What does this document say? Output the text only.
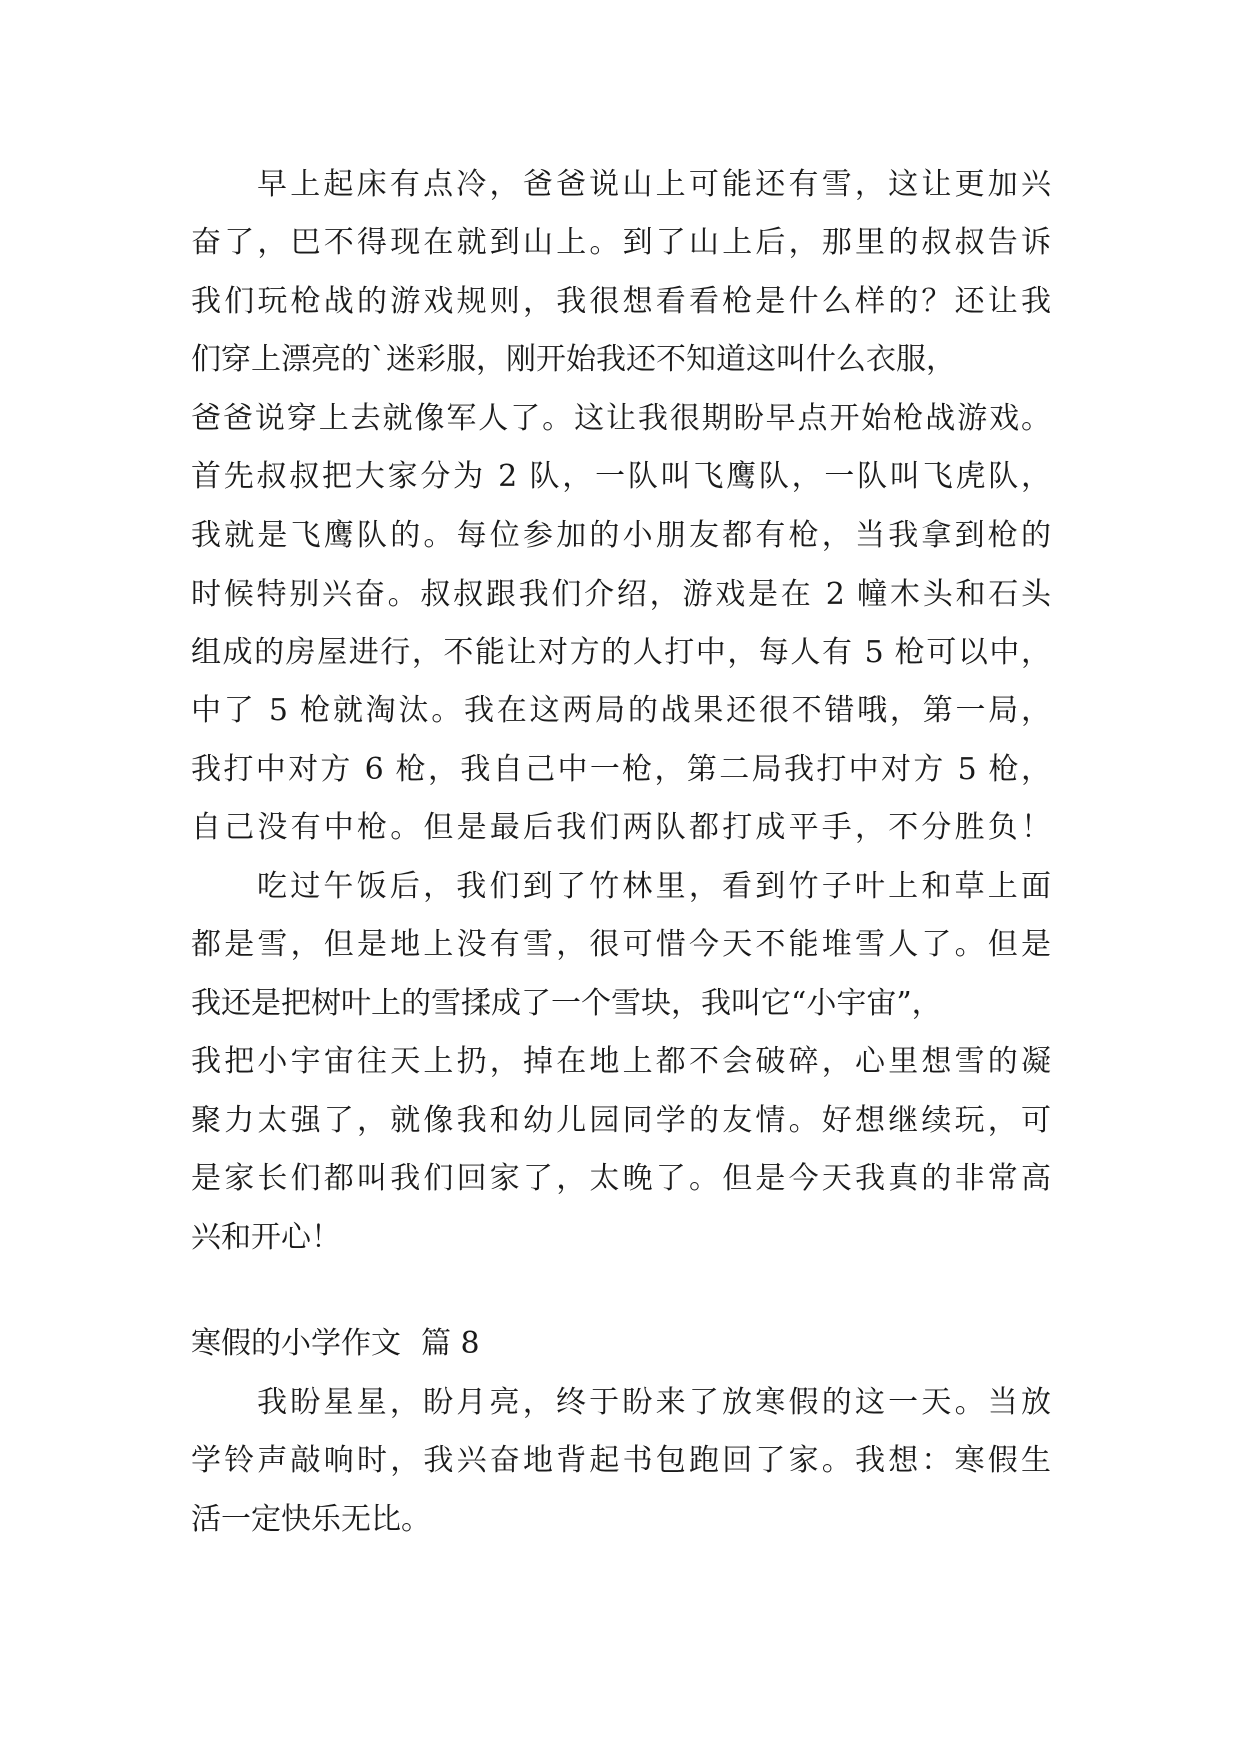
早上起床有点冷，爸爸说山上可能还有雪，这让更加兴
奋了，巴不得现在就到山上。到了山上后，那里的叔叔告诉
我们玩枪战的游戏规则，我很想看看枪是什么样的？还让我
们穿上漂亮的`迷彩服，刚开始我还不知道这叫什么衣服，
爸爸说穿上去就像军人了。这让我很期盼早点开始枪战游戏。
首先叔叔把大家分为 2 队，一队叫飞鹰队，一队叫飞虎队，
我就是飞鹰队的。每位参加的小朋友都有枪，当我拿到枪的
时候特别兴奋。叔叔跟我们介绍，游戏是在 2 幢木头和石头
组成的房屋进行，不能让对方的人打中，每人有 5 枪可以中，
中了 5 枪就淘汰。我在这两局的战果还很不错哦，第一局，
我打中对方 6 枪，我自己中一枪，第二局我打中对方 5 枪，
自己没有中枪。但是最后我们两队都打成平手，不分胜负！
吃过午饭后，我们到了竹林里，看到竹子叶上和草上面
都是雪，但是地上没有雪，很可惜今天不能堆雪人了。但是
我还是把树叶上的雪揉成了一个雪块，我叫它“小宇宙”，
我把小宇宙往天上扔，掉在地上都不会破碎，心里想雪的凝
聚力太强了，就像我和幼儿园同学的友情。好想继续玩，可
是家长们都叫我们回家了，太晚了。但是今天我真的非常高
兴和开心！
寒假的小学作文 篇 8
我盼星星，盼月亮，终于盼来了放寒假的这一天。当放
学铃声敲响时，我兴奋地背起书包跑回了家。我想：寒假生
活一定快乐无比。
